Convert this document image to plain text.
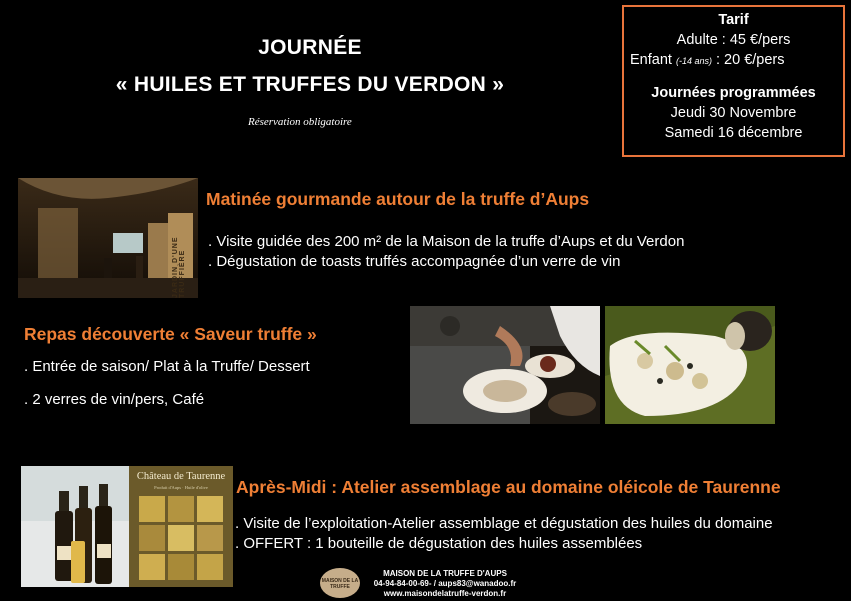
JOURNÉE
« HUILES ET TRUFFES DU VERDON »
Réservation obligatoire
Tarif
Adulte : 45 €/pers
Enfant (-14 ans) : 20 €/pers
Journées programmées
Jeudi 30 Novembre
Samedi 16 décembre
JARDIN D'UNE TRUFFIÈRE
Matinée gourmande autour de la truffe d’Aups
. Visite guidée des 200 m² de la Maison de la truffe d’Aups et du Verdon
. Dégustation de toasts truffés accompagnée d’un verre de vin
Repas découverte « Saveur truffe »
. Entrée de saison/ Plat à la Truffe/ Dessert
. 2 verres de vin/pers, Café
Château de Taurenne
Produit d'Aups · Huile d'olive	Après-Midi : Atelier assemblage au domaine oléicole de Taurenne
. Visite de l’exploitation-Atelier assemblage et dégustation des huiles du domaine
. OFFERT : 1 bouteille de dégustation des huiles assemblées
MAISON DE LA TRUFFE
MAISON DE LA TRUFFE D'AUPS
04-94-84-00-69- / aups83@wanadoo.fr
www.maisondelatruffe-verdon.fr
